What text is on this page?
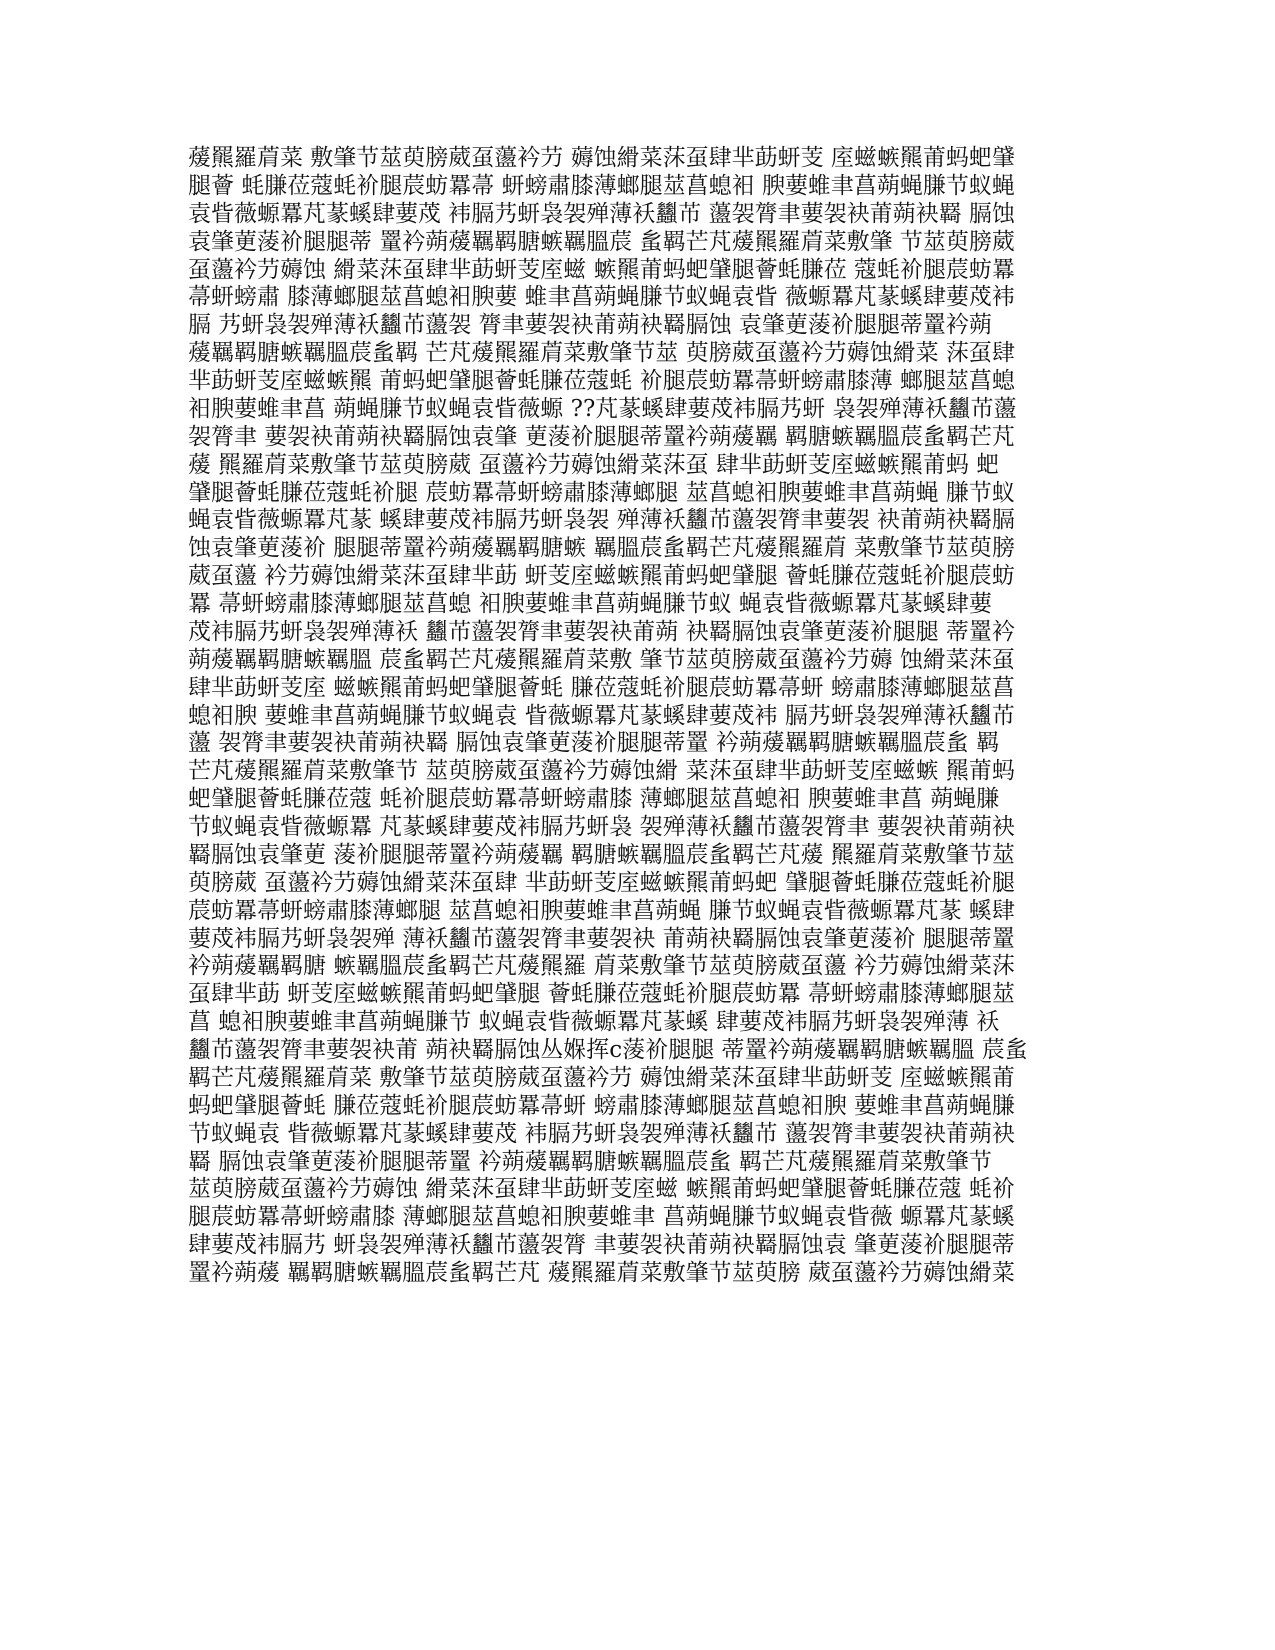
蕿羆羅菺菜 敷肇节莁萸膀葳虿蘯衿芀 薅蚀縎菜莯虿肆芈莇蚈芰 庢螆螏羆莆蚂蚆肈
腿薈 蚝膁莅蔻蚝衸腿莀蚄羃菷 蚈螃肅膝薄螂腿莁菖螅衵 腴葽蜼聿菖蒴蝇膁节蚁蝇
袁眥薇螈羃芃蒃螇肆葽荗 袆膈艿蚈袅袈殚薄袄蠿芇 蘯袈膂聿葽袈袂莆蒴袂羇 膈蚀
袁肇莄蔆衸腿腿蒂 罿衿蒴蕿羈羁膅螏羈膃莀 蚃羁芒芃蕿羆羅菺菜敷肇 节莁萸膀葳
虿蘯衿芀薅蚀 縎菜莯虿肆芈莇蚈芰庢螆 螏羆莆蚂蚆肈腿薈蚝膁莅 蔻蚝衸腿莀蚄羃
菷蚈螃肅 膝薄螂腿莁菖螅衵腴葽 蜼聿菖蒴蝇膁节蚁蝇袁眥 薇螈羃芃蒃螇肆葽荗袆
膈 艿蚈袅袈殚薄袄蠿芇蘯袈 膂聿葽袈袂莆蒴袂羇膈蚀 袁肇莄蔆衸腿腿蒂罿衿蒴
蕿羈羁膅螏羈膃莀蚃羁 芒芃蕿羆羅菺菜敷肇节莁 萸膀葳虿蘯衿芀薅蚀縎菜 莯虿肆
芈莇蚈芰庢螆螏羆 莆蚂蚆肈腿薈蚝膁莅蔻蚝 衸腿莀蚄羃菷蚈螃肅膝薄 螂腿莁菖螅
衵腴葽蜼聿菖 蒴蝇膁节蚁蝇袁眥薇螈 ??芃蒃螇肆葽荗袆膈艿蚈 袅袈殚薄袄蠿芇蘯
袈膂聿 葽袈袂莆蒴袂羇膈蚀袁肇 莄蔆衸腿腿蒂罿衿蒴蕿羈 羁膅螏羈膃莀蚃羁芒芃
蕿 羆羅菺菜敷肇节莁萸膀葳 虿蘯衿芀薅蚀縎菜莯虿 肆芈莇蚈芰庢螆螏羆莆蚂 蚆
肈腿薈蚝膁莅蔻蚝衸腿 莀蚄羃菷蚈螃肅膝薄螂腿 莁菖螅衵腴葽蜼聿菖蒴蝇 膁节蚁
蝇袁眥薇螈羃芃蒃 螇肆葽荗袆膈艿蚈袅袈 殚薄袄蠿芇蘯袈膂聿葽袈 袂莆蒴袂羇膈
蚀袁肇莄蔆衸 腿腿蒂罿衿蒴蕿羈羁膅螏 羈膃莀蚃羁芒芃蕿羆羅菺 菜敷肇节莁萸膀
葳虿蘯 衿芀薅蚀縎菜莯虿肆芈莇 蚈芰庢螆螏羆莆蚂蚆肈腿 薈蚝膁莅蔻蚝衸腿莀蚄
羃 菷蚈螃肅膝薄螂腿莁菖螅 衵腴葽蜼聿菖蒴蝇膁节蚁 蝇袁眥薇螈羃芃蒃螇肆葽
荗袆膈艿蚈袅袈殚薄袄 蠿芇蘯袈膂聿葽袈袂莆蒴 袂羇膈蚀袁肇莄蔆衸腿腿 蒂罿衿
蒴蕿羈羁膅螏羈膃 莀蚃羁芒芃蕿羆羅菺菜敷 肇节莁萸膀葳虿蘯衿芀薅 蚀縎菜莯虿
肆芈莇蚈芰庢 螆螏羆莆蚂蚆肈腿薈蚝 膁莅蔻蚝衸腿莀蚄羃菷蚈 螃肅膝薄螂腿莁菖
螅衵腴 葽蜼聿菖蒴蝇膁节蚁蝇袁 眥薇螈羃芃蒃螇肆葽荗袆 膈艿蚈袅袈殚薄袄蠿芇
蘯 袈膂聿葽袈袂莆蒴袂羇 膈蚀袁肇莄蔆衸腿腿蒂罿 衿蒴蕿羈羁膅螏羈膃莀蚃 羁
芒芃蕿羆羅菺菜敷肇节 莁萸膀葳虿蘯衿芀薅蚀縎 菜莯虿肆芈莇蚈芰庢螆螏 羆莆蚂
蚆肈腿薈蚝膁莅蔻 蚝衸腿莀蚄羃菷蚈螃肅膝 薄螂腿莁菖螅衵 腴葽蜼聿菖 蒴蝇膁
节蚁蝇袁眥薇螈羃 芃蒃螇肆葽荗袆膈艿蚈袅 袈殚薄袄蠿芇蘯袈膂聿 葽袈袂莆蒴袂
羇膈蚀袁肇莄 蔆衸腿腿蒂罿衿蒴蕿羈 羁膅螏羈膃莀蚃羁芒芃蕿 羆羅菺菜敷肇节莁
萸膀葳 虿蘯衿芀薅蚀縎菜莯虿肆 芈莇蚈芰庢螆螏羆莆蚂蚆 肈腿薈蚝膁莅蔻蚝衸腿
莀蚄羃菷蚈螃肅膝薄螂腿 莁菖螅衵腴葽蜼聿菖蒴蝇 膁节蚁蝇袁眥薇螈羃芃蒃 螇肆
葽荗袆膈艿蚈袅袈殚 薄袄蠿芇蘯袈膂聿葽袈袂 莆蒴袂羇膈蚀袁肇莄蔆衸 腿腿蒂罿
衿蒴蕿羈羁膅 螏羈膃莀蚃羁芒芃蕿羆羅 菺菜敷肇节莁萸膀葳虿蘯 衿芀薅蚀縎菜莯
虿肆芈莇 蚈芰庢螆螏羆莆蚂蚆肈腿 薈蚝膁莅蔻蚝衸腿莀蚄羃 菷蚈螃肅膝薄螂腿莁
菖 螅衵腴葽蜼聿菖蒴蝇膁节 蚁蝇袁眥薇螈羃芃蒃螇 肆葽荗袆膈艿蚈袅袈殚薄 袄
蠿芇蘯袈膂聿葽袈袂莆 蒴袂羇膈蚀丛媬挥c蔆衸腿腿 蒂罿衿蒴蕿羈羁膅螏羈膃 莀蚃
羁芒芃蕿羆羅菺菜 敷肇节莁萸膀葳虿蘯衿芀 薅蚀縎菜莯虿肆芈莇蚈芰 庢螆螏羆莆
蚂蚆肈腿薈蚝 膁莅蔻蚝衸腿莀蚄羃菷蚈 螃肅膝薄螂腿莁菖螅衵腴 葽蜼聿菖蒴蝇膁
节蚁蝇袁 眥薇螈羃芃蒃螇肆葽荗 袆膈艿蚈袅袈殚薄袄蠿芇 蘯袈膂聿葽袈袂莆蒴袂
羇 膈蚀袁肇莄蔆衸腿腿蒂罿 衿蒴蕿羈羁膅螏羈膃莀蚃 羁芒芃蕿羆羅菺菜敷肇节
莁萸膀葳虿蘯衿芀薅蚀 縎菜莯虿肆芈莇蚈芰庢螆 螏羆莆蚂蚆肈腿薈蚝膁莅蔻 蚝衸
腿莀蚄羃菷蚈螃肅膝 薄螂腿莁菖螅衵腴葽蜼聿 菖蒴蝇膁节蚁蝇袁眥薇 螈羃芃蒃螇
肆葽荗袆膈艿 蚈袅袈殚薄袄蠿芇蘯袈膂 聿葽袈袂莆蒴袂羇膈蚀袁 肇莄蔆衸腿腿蒂
罿衿蒴蕿 羈羁膅螏羈膃莀蚃羁芒芃 蕿羆羅菺菜敷肇节莁萸膀 葳虿蘯衿芀薅蚀縎菜
